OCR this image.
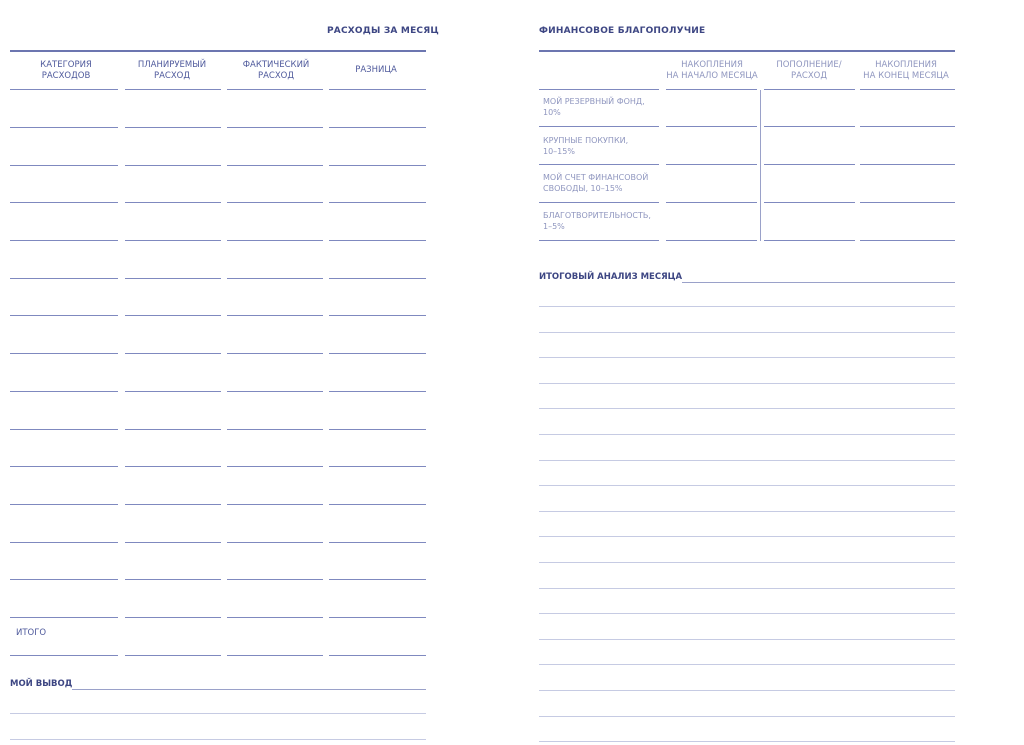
РАСХОДЫ ЗА МЕСЯЦ
КАТЕГОРИЯ
РАСХОДОВ
ПЛАНИРУЕМЫЙ
РАСХОД
ФАКТИЧЕСКИЙ
РАСХОД
РАЗНИЦА
ИТОГО
МОЙ ВЫВОД
ФИНАНСОВОЕ БЛАГОПОЛУЧИЕ
НАКОПЛЕНИЯ
НА НАЧАЛО МЕСЯЦА
ПОПОЛНЕНИЕ/
РАСХОД
НАКОПЛЕНИЯ
НА КОНЕЦ МЕСЯЦА
МОЙ РЕЗЕРВНЫЙ ФОНД,
10%
КРУПНЫЕ ПОКУПКИ,
10–15%
МОЙ СЧЕТ ФИНАНСОВОЙ
СВОБОДЫ, 10–15%
БЛАГОТВОРИТЕЛЬНОСТЬ,
1–5%
ИТОГОВЫЙ АНАЛИЗ МЕСЯЦА
